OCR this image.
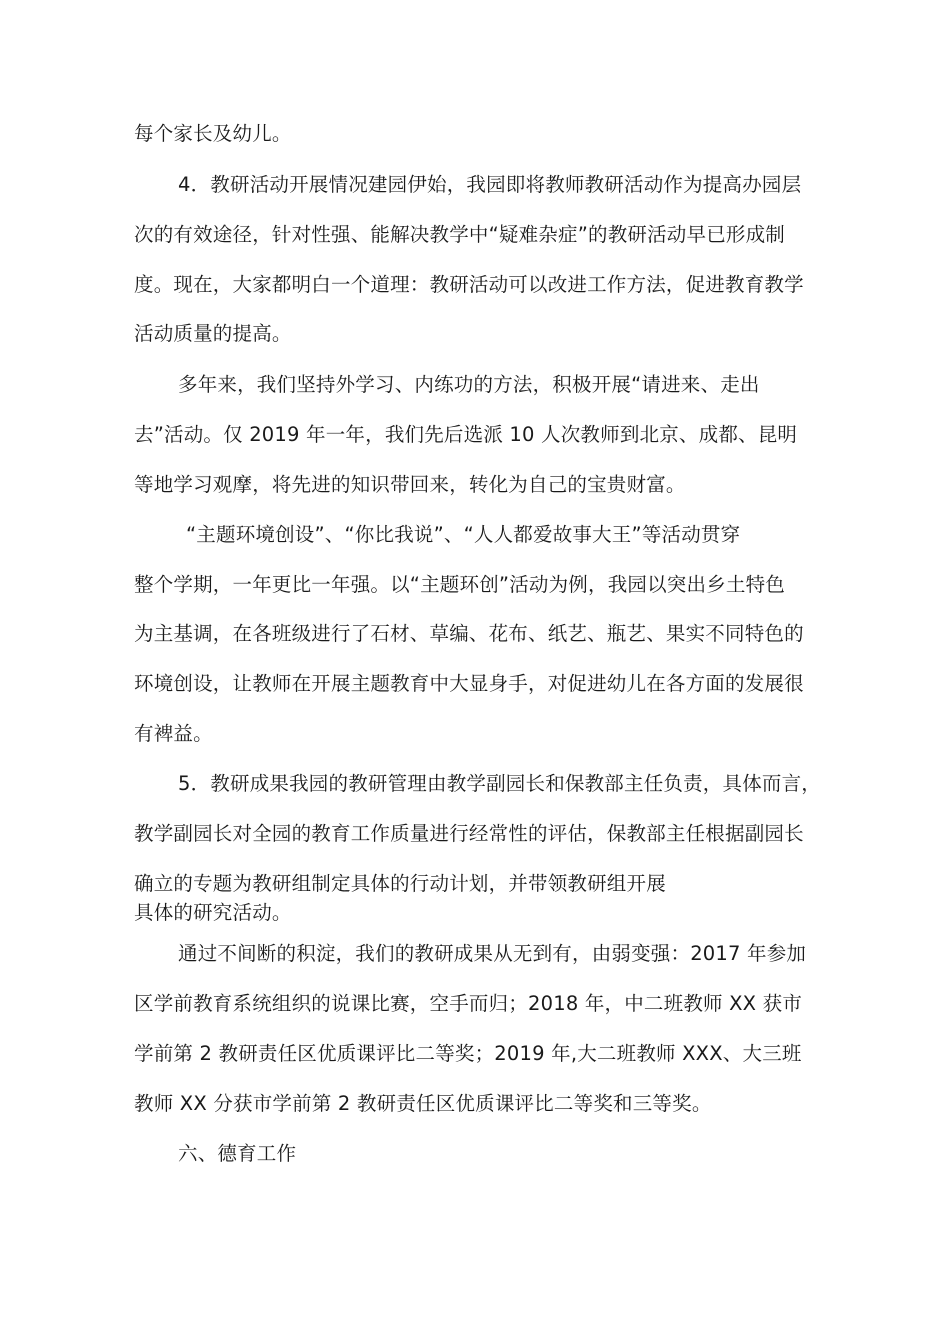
每个家长及幼儿。
4．教研活动开展情况建园伊始，我园即将教师教研活动作为提高办园层
次的有效途径，针对性强、能解决教学中“疑难杂症”的教研活动早已形成制
度。现在，大家都明白一个道理：教研活动可以改进工作方法，促进教育教学
活动质量的提高。
多年来，我们坚持外学习、内练功的方法，积极开展“请进来、走出
去”活动。仅 2019 年一年，我们先后选派 10 人次教师到北京、成都、昆明
等地学习观摩，将先进的知识带回来，转化为自己的宝贵财富。
“主题环境创设”、“你比我说”、“人人都爱故事大王”等活动贯穿
整个学期，一年更比一年强。以“主题环创”活动为例，我园以突出乡土特色
为主基调，在各班级进行了石材、草编、花布、纸艺、瓶艺、果实不同特色的
环境创设，让教师在开展主题教育中大显身手，对促进幼儿在各方面的发展很
有裨益。
5．教研成果我园的教研管理由教学副园长和保教部主任负责，具体而言，
教学副园长对全园的教育工作质量进行经常性的评估，保教部主任根据副园长
确立的专题为教研组制定具体的行动计划，并带领教研组开展
具体的研究活动。
通过不间断的积淀，我们的教研成果从无到有，由弱变强：2017 年参加
区学前教育系统组织的说课比赛，空手而归；2018 年，中二班教师 XX 获市
学前第 2 教研责任区优质课评比二等奖；2019 年,大二班教师 XXX、大三班
教师 XX 分获市学前第 2 教研责任区优质课评比二等奖和三等奖。
六、德育工作
